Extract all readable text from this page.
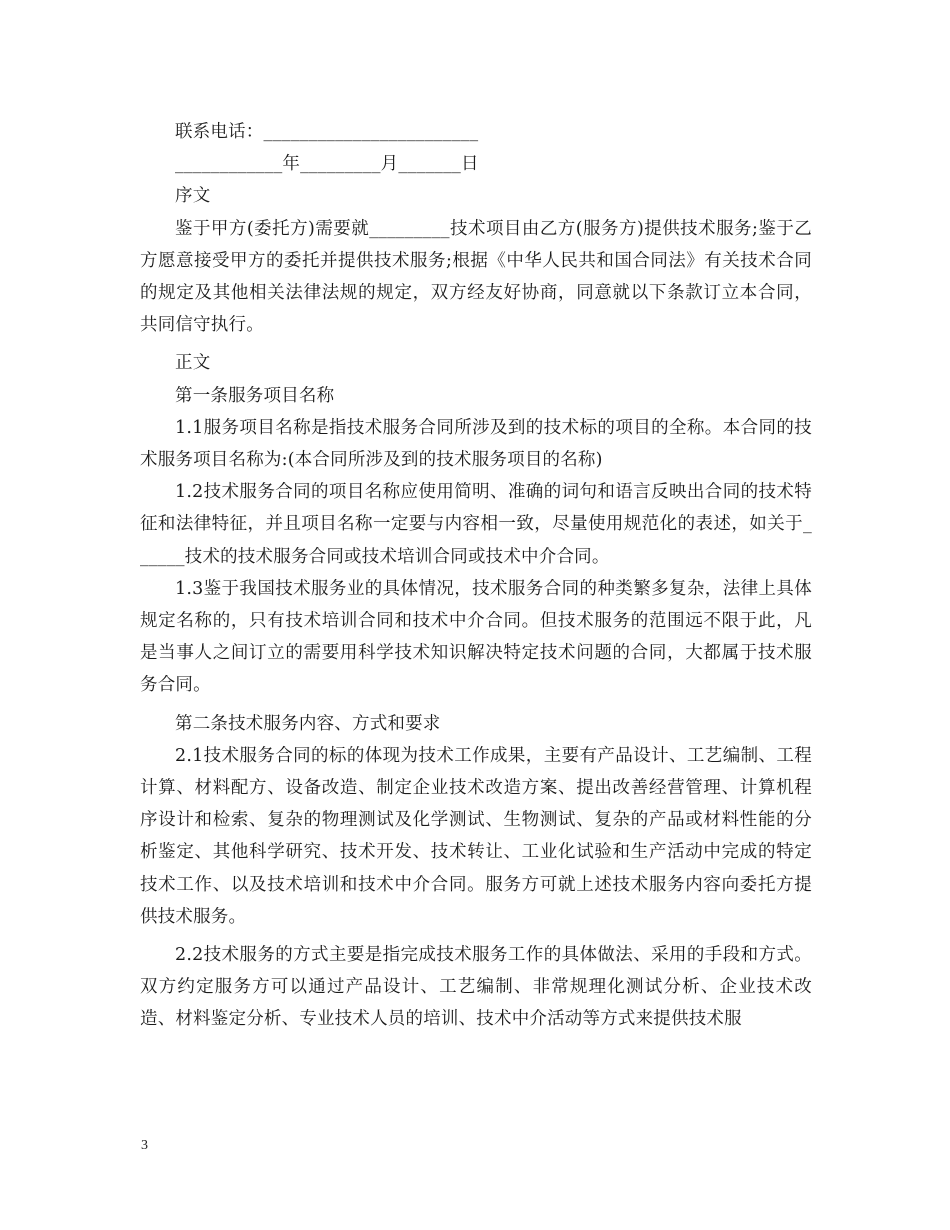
联系电话：________________________

____________年_________月_______日

序文

鉴于甲方(委托方)需要就_________技术项目由乙方(服务方)提供技术服务;鉴于乙方愿意接受甲方的委托并提供技术服务;根据《中华人民共和国合同法》有关技术合同的规定及其他相关法律法规的规定，双方经友好协商，同意就以下条款订立本合同，共同信守执行。

正文

第一条服务项目名称

1.1服务项目名称是指技术服务合同所涉及到的技术标的项目的全称。本合同的技术服务项目名称为:(本合同所涉及到的技术服务项目的名称)

1.2技术服务合同的项目名称应使用简明、准确的词句和语言反映出合同的技术特征和法律特征，并且项目名称一定要与内容相一致，尽量使用规范化的表述，如关于______技术的技术服务合同或技术培训合同或技术中介合同。

1.3鉴于我国技术服务业的具体情况，技术服务合同的种类繁多复杂，法律上具体规定名称的，只有技术培训合同和技术中介合同。但技术服务的范围远不限于此，凡是当事人之间订立的需要用科学技术知识解决特定技术问题的合同，大都属于技术服务合同。

第二条技术服务内容、方式和要求

2.1技术服务合同的标的体现为技术工作成果，主要有产品设计、工艺编制、工程计算、材料配方、设备改造、制定企业技术改造方案、提出改善经营管理、计算机程序设计和检索、复杂的物理测试及化学测试、生物测试、复杂的产品或材料性能的分析鉴定、其他科学研究、技术开发、技术转让、工业化试验和生产活动中完成的特定技术工作、以及技术培训和技术中介合同。服务方可就上述技术服务内容向委托方提供技术服务。

2.2技术服务的方式主要是指完成技术服务工作的具体做法、采用的手段和方式。双方约定服务方可以通过产品设计、工艺编制、非常规理化测试分析、企业技术改造、材料鉴定分析、专业技术人员的培训、技术中介活动等方式来提供技术服

3
